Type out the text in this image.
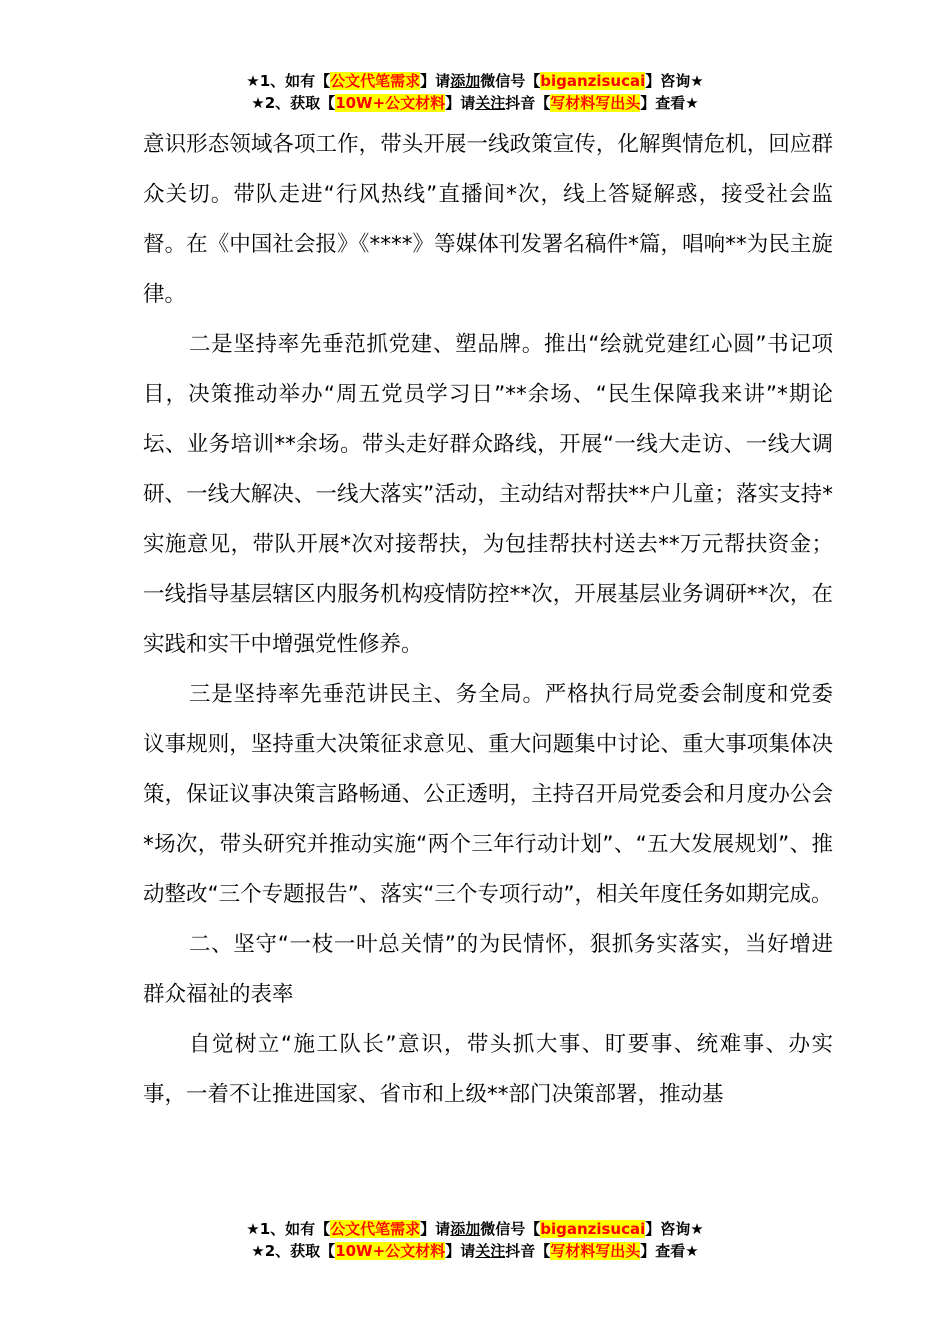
★1、如有【公文代笔需求】请添加微信号【biganzisucai】咨询★
★2、获取【10W+公文材料】请关注抖音【写材料写出头】查看★

意识形态领域各项工作，带头开展一线政策宣传，化解舆情危机，回应群众关切。带队走进“行风热线”直播间*次，线上答疑解惑，接受社会监督。在《中国社会报》《****》等媒体刊发署名稿件*篇，唱响**为民主旋律。

二是坚持率先垂范抓党建、塑品牌。推出“绘就党建红心圆”书记项目，决策推动举办“周五党员学习日”**余场、“民生保障我来讲”*期论坛、业务培训**余场。带头走好群众路线，开展“一线大走访、一线大调研、一线大解决、一线大落实”活动，主动结对帮扶**户儿童；落实支持*实施意见，带队开展*次对接帮扶，为包挂帮扶村送去**万元帮扶资金；一线指导基层辖区内服务机构疫情防控**次，开展基层业务调研**次，在实践和实干中增强党性修养。

三是坚持率先垂范讲民主、务全局。严格执行局党委会制度和党委议事规则，坚持重大决策征求意见、重大问题集中讨论、重大事项集体决策，保证议事决策言路畅通、公正透明，主持召开局党委会和月度办公会*场次，带头研究并推动实施“两个三年行动计划”、“五大发展规划”、推动整改“三个专题报告”、落实“三个专项行动”，相关年度任务如期完成。

二、坚守“一枝一叶总关情”的为民情怀，狠抓务实落实，当好增进群众福祉的表率

自觉树立“施工队长”意识，带头抓大事、盯要事、统难事、办实事，一着不让推进国家、省市和上级**部门决策部署，推动基

★1、如有【公文代笔需求】请添加微信号【biganzisucai】咨询★
★2、获取【10W+公文材料】请关注抖音【写材料写出头】查看★
